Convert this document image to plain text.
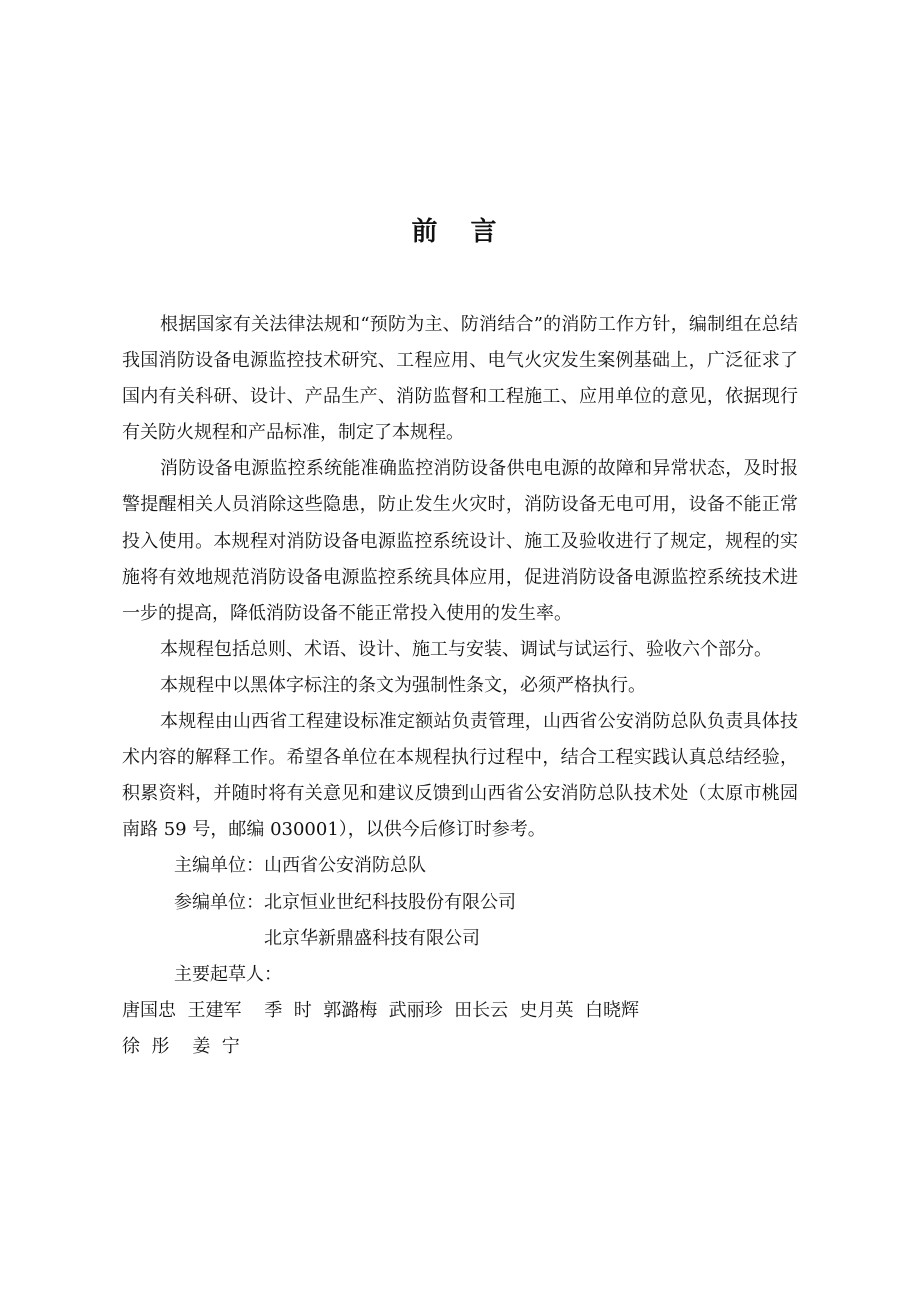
前 言

根据国家有关法律法规和“预防为主、防消结合”的消防工作方针，编制组在总结我国消防设备电源监控技术研究、工程应用、电气火灾发生案例基础上，广泛征求了国内有关科研、设计、产品生产、消防监督和工程施工、应用单位的意见，依据现行有关防火规程和产品标准，制定了本规程。

消防设备电源监控系统能准确监控消防设备供电电源的故障和异常状态，及时报警提醒相关人员消除这些隐患，防止发生火灾时，消防设备无电可用，设备不能正常投入使用。本规程对消防设备电源监控系统设计、施工及验收进行了规定，规程的实施将有效地规范消防设备电源监控系统具体应用，促进消防设备电源监控系统技术进一步的提高，降低消防设备不能正常投入使用的发生率。

本规程包括总则、术语、设计、施工与安装、调试与试运行、验收六个部分。

本规程中以黑体字标注的条文为强制性条文，必须严格执行。

本规程由山西省工程建设标准定额站负责管理，山西省公安消防总队负责具体技术内容的解释工作。希望各单位在本规程执行过程中，结合工程实践认真总结经验，积累资料，并随时将有关意见和建议反馈到山西省公安消防总队技术处（太原市桃园南路 59 号，邮编 030001），以供今后修订时参考。

主编单位：山西省公安消防总队

参编单位：北京恒业世纪科技股份有限公司

北京华新鼎盛科技有限公司

主要起草人：唐国忠  王建军    季  时  郭潞梅  武丽珍  田长云  史月英  白晓辉
徐  彤    姜  宁
